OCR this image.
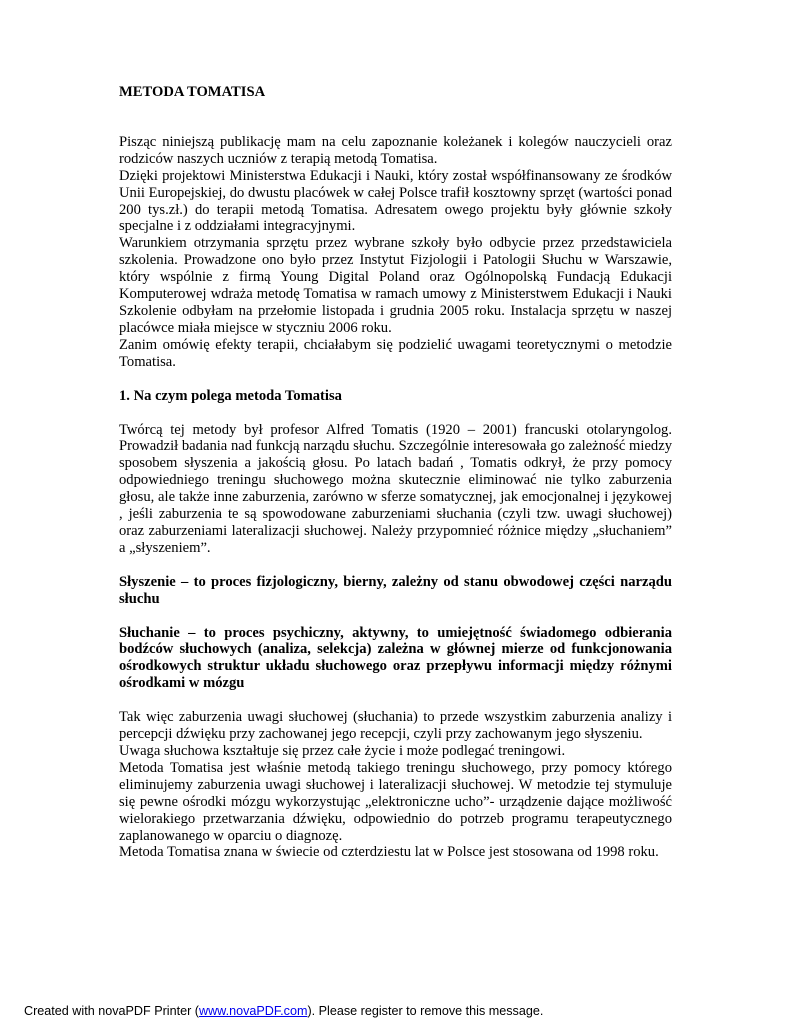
METODA TOMATISA

Pisząc niniejszą publikację mam na celu zapoznanie koleżanek i kolegów nauczycieli oraz rodziców naszych uczniów z terapią metodą Tomatisa.

Dzięki projektowi Ministerstwa Edukacji i Nauki, który został współfinansowany ze środków Unii Europejskiej, do dwustu placówek w całej Polsce trafił kosztowny sprzęt (wartości ponad 200 tys.zł.) do terapii metodą Tomatisa. Adresatem owego projektu były głównie szkoły specjalne i z oddziałami integracyjnymi.

Warunkiem otrzymania sprzętu przez wybrane szkoły było odbycie przez przedstawiciela szkolenia. Prowadzone ono było przez Instytut Fizjologii i Patologii Słuchu w Warszawie, który wspólnie z firmą Young Digital Poland oraz Ogólnopolską Fundacją Edukacji Komputerowej wdraża metodę Tomatisa w ramach umowy z Ministerstwem Edukacji i Nauki Szkolenie odbyłam na przełomie listopada i grudnia 2005 roku. Instalacja sprzętu w naszej placówce miała miejsce w styczniu 2006 roku.

Zanim omówię efekty terapii, chciałabym się podzielić uwagami teoretycznymi o metodzie Tomatisa.

1. Na czym polega metoda Tomatisa

Twórcą tej metody był profesor Alfred Tomatis (1920 – 2001) francuski otolaryngolog. Prowadził badania nad funkcją narządu słuchu. Szczególnie interesowała go zależność miedzy sposobem słyszenia a jakością głosu. Po latach badań , Tomatis odkrył, że przy pomocy odpowiedniego treningu słuchowego można skutecznie eliminować nie tylko zaburzenia głosu, ale także inne zaburzenia, zarówno w sferze somatycznej, jak emocjonalnej i językowej , jeśli zaburzenia te są spowodowane zaburzeniami słuchania (czyli tzw. uwagi słuchowej) oraz zaburzeniami lateralizacji słuchowej. Należy przypomnieć różnice między „słuchaniem” a „słyszeniem”.

Słyszenie – to proces fizjologiczny, bierny, zależny od stanu obwodowej części narządu słuchu

Słuchanie – to proces psychiczny, aktywny, to umiejętność świadomego odbierania bodźców słuchowych (analiza, selekcja) zależna w głównej mierze od funkcjonowania ośrodkowych struktur układu słuchowego oraz przepływu informacji między różnymi ośrodkami w mózgu

Tak więc zaburzenia uwagi słuchowej (słuchania) to przede wszystkim zaburzenia analizy i percepcji dźwięku przy zachowanej jego recepcji, czyli przy zachowanym jego słyszeniu.

Uwaga słuchowa kształtuje się przez całe życie i może podlegać treningowi.

Metoda Tomatisa jest właśnie metodą takiego treningu słuchowego, przy pomocy którego eliminujemy zaburzenia uwagi słuchowej i lateralizacji słuchowej. W metodzie tej stymuluje się pewne ośrodki mózgu wykorzystując „elektroniczne ucho”- urządzenie dające możliwość wielorakiego przetwarzania dźwięku, odpowiednio do potrzeb programu terapeutycznego zaplanowanego w oparciu o diagnozę.

Metoda Tomatisa znana w świecie od czterdziestu lat w Polsce jest stosowana od 1998 roku.

Created with novaPDF Printer (www.novaPDF.com). Please register to remove this message.
